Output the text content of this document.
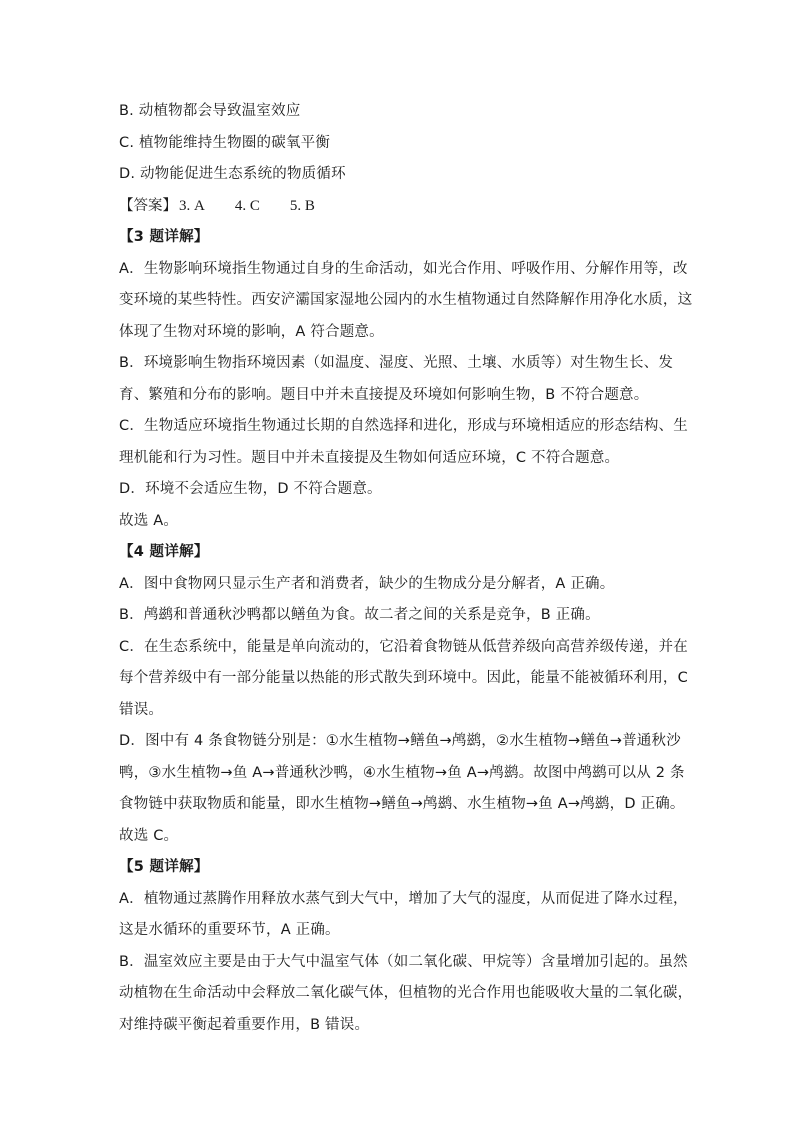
B. 动植物都会导致温室效应
C. 植物能维持生物圈的碳氧平衡
D. 动物能促进生态系统的物质循环
【答案】 3. A 4. C 5. B
【3 题详解】
A．生物影响环境指生物通过自身的生命活动，如光合作用、呼吸作用、分解作用等，改
变环境的某些特性。西安浐灞国家湿地公园内的水生植物通过自然降解作用净化水质，这
体现了生物对环境的影响，A 符合题意。
B．环境影响生物指环境因素（如温度、湿度、光照、土壤、水质等）对生物生长、发
育、繁殖和分布的影响。题目中并未直接提及环境如何影响生物，B 不符合题意。
C．生物适应环境指生物通过长期的自然选择和进化，形成与环境相适应的形态结构、生
理机能和行为习性。题目中并未直接提及生物如何适应环境，C 不符合题意。
D．环境不会适应生物，D 不符合题意。
故选 A。
【4 题详解】
A．图中食物网只显示生产者和消费者，缺少的生物成分是分解者，A 正确。
B．鸬鹚和普通秋沙鸭都以鳝鱼为食。故二者之间的关系是竞争，B 正确。
C．在生态系统中，能量是单向流动的，它沿着食物链从低营养级向高营养级传递，并在
每个营养级中有一部分能量以热能的形式散失到环境中。因此，能量不能被循环利用，C
错误。
D．图中有 4 条食物链分别是：①水生植物→鳝鱼→鸬鹚，②水生植物→鳝鱼→普通秋沙
鸭，③水生植物→鱼 A→普通秋沙鸭，④水生植物→鱼 A→鸬鹚。故图中鸬鹚可以从 2 条
食物链中获取物质和能量，即水生植物→鳝鱼→鸬鹚、水生植物→鱼 A→鸬鹚，D 正确。
故选 C。
【5 题详解】
A．植物通过蒸腾作用释放水蒸气到大气中，增加了大气的湿度，从而促进了降水过程，
这是水循环的重要环节，A 正确。
B．温室效应主要是由于大气中温室气体（如二氧化碳、甲烷等）含量增加引起的。虽然
动植物在生命活动中会释放二氧化碳气体，但植物的光合作用也能吸收大量的二氧化碳，
对维持碳平衡起着重要作用，B 错误。
